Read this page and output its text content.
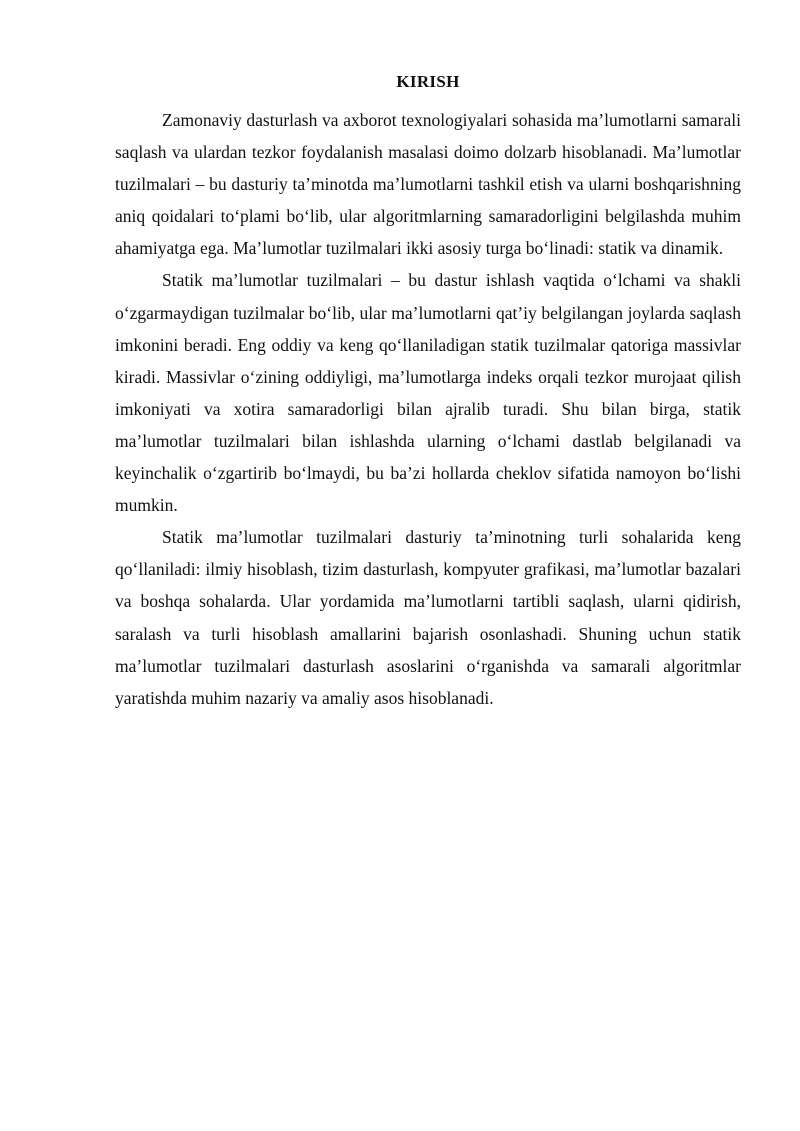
KIRISH

Zamonaviy dasturlash va axborot texnologiyalari sohasida ma’lumotlarni samarali saqlash va ulardan tezkor foydalanish masalasi doimo dolzarb hisoblanadi. Ma’lumotlar tuzilmalari – bu dasturiy ta’minotda ma’lumotlarni tashkil etish va ularni boshqarishning aniq qoidalari to‘plami bo‘lib, ular algoritmlarning samaradorligini belgilashda muhim ahamiyatga ega. Ma’lumotlar tuzilmalari ikki asosiy turga bo‘linadi: statik va dinamik.

Statik ma’lumotlar tuzilmalari – bu dastur ishlash vaqtida o‘lchami va shakli o‘zgarmaydigan tuzilmalar bo‘lib, ular ma’lumotlarni qat’iy belgilangan joylarda saqlash imkonini beradi. Eng oddiy va keng qo‘llaniladigan statik tuzilmalar qatoriga massivlar kiradi. Massivlar o‘zining oddiyligi, ma’lumotlarga indeks orqali tezkor murojaat qilish imkoniyati va xotira samaradorligi bilan ajralib turadi. Shu bilan birga, statik ma’lumotlar tuzilmalari bilan ishlashda ularning o‘lchami dastlab belgilanadi va keyinchalik o‘zgartirib bo‘lmaydi, bu ba’zi hollarda cheklov sifatida namoyon bo‘lishi mumkin.

Statik ma’lumotlar tuzilmalari dasturiy ta’minotning turli sohalarida keng qo‘llaniladi: ilmiy hisoblash, tizim dasturlash, kompyuter grafikasi, ma’lumotlar bazalari va boshqa sohalarda. Ular yordamida ma’lumotlarni tartibli saqlash, ularni qidirish, saralash va turli hisoblash amallarini bajarish osonlashadi. Shuning uchun statik ma’lumotlar tuzilmalari dasturlash asoslarini o‘rganishda va samarali algoritmlar yaratishda muhim nazariy va amaliy asos hisoblanadi.
